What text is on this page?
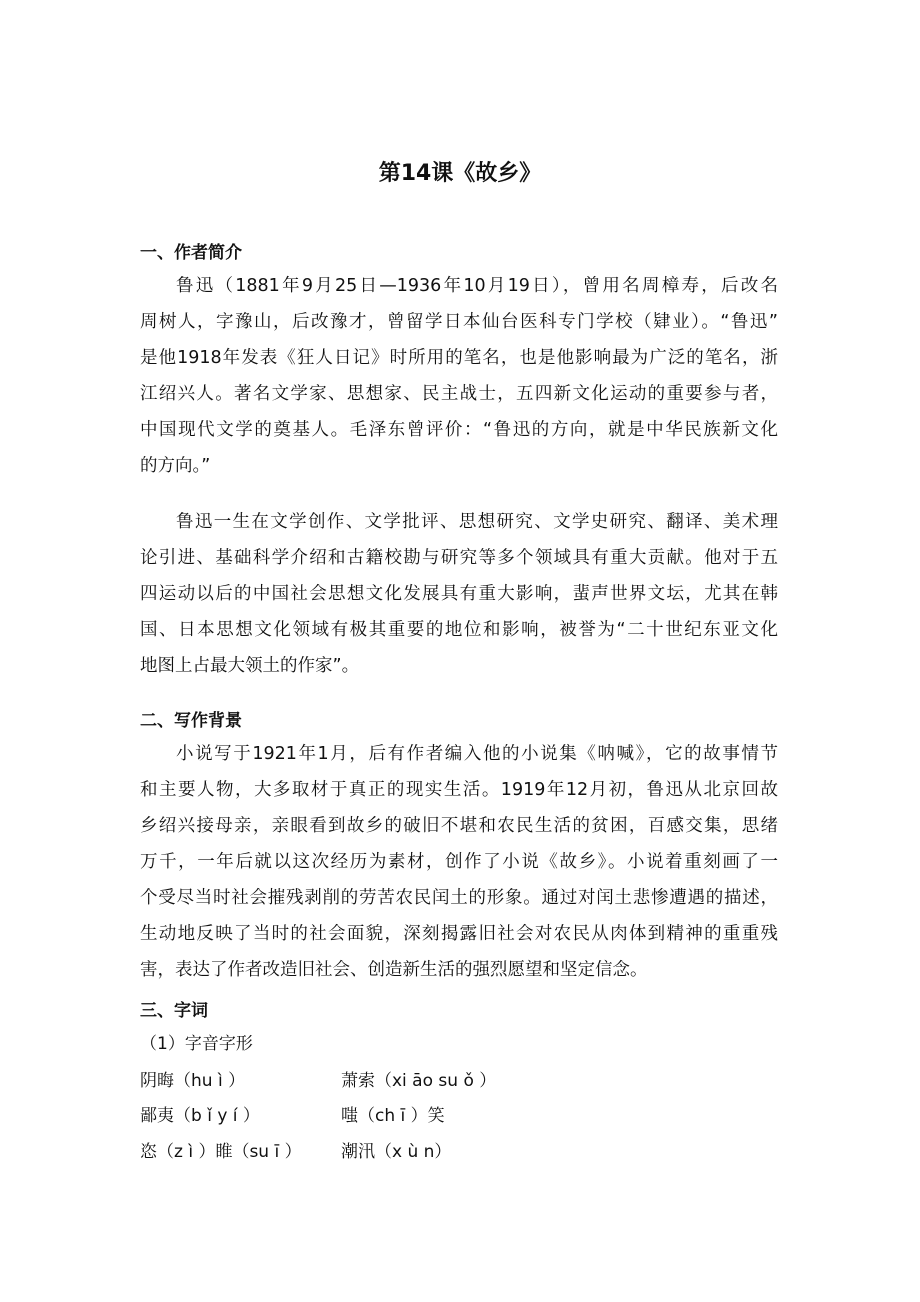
第14课《故乡》
一、作者简介
鲁迅（1881年9月25日—1936年10月19日），曾用名周樟寿，后改名
周树人，字豫山，后改豫才，曾留学日本仙台医科专门学校（肄业）。“鲁迅”
是他1918年发表《狂人日记》时所用的笔名，也是他影响最为广泛的笔名，浙
江绍兴人。著名文学家、思想家、民主战士，五四新文化运动的重要参与者，
中国现代文学的奠基人。毛泽东曾评价：“鲁迅的方向，就是中华民族新文化
的方向。”
鲁迅一生在文学创作、文学批评、思想研究、文学史研究、翻译、美术理
论引进、基础科学介绍和古籍校勘与研究等多个领域具有重大贡献。他对于五
四运动以后的中国社会思想文化发展具有重大影响，蜚声世界文坛，尤其在韩
国、日本思想文化领域有极其重要的地位和影响，被誉为“二十世纪东亚文化
地图上占最大领土的作家”。
二、写作背景
小说写于1921年1月，后有作者编入他的小说集《呐喊》，它的故事情节
和主要人物，大多取材于真正的现实生活。1919年12月初，鲁迅从北京回故
乡绍兴接母亲，亲眼看到故乡的破旧不堪和农民生活的贫困，百感交集，思绪
万千，一年后就以这次经历为素材，创作了小说《故乡》。小说着重刻画了一
个受尽当时社会摧残剥削的劳苦农民闰土的形象。通过对闰土悲惨遭遇的描述，
生动地反映了当时的社会面貌，深刻揭露旧社会对农民从肉体到精神的重重残
害，表达了作者改造旧社会、创造新生活的强烈愿望和坚定信念。
三、字词
（1）字音字形
阴晦（hu ì ）	萧索（xi āo su ǒ ）
鄙夷（b ǐ y í ）	嗤（ch ī ）笑
恣（z ì ）睢（su ī ） 潮汛（x ù n）
